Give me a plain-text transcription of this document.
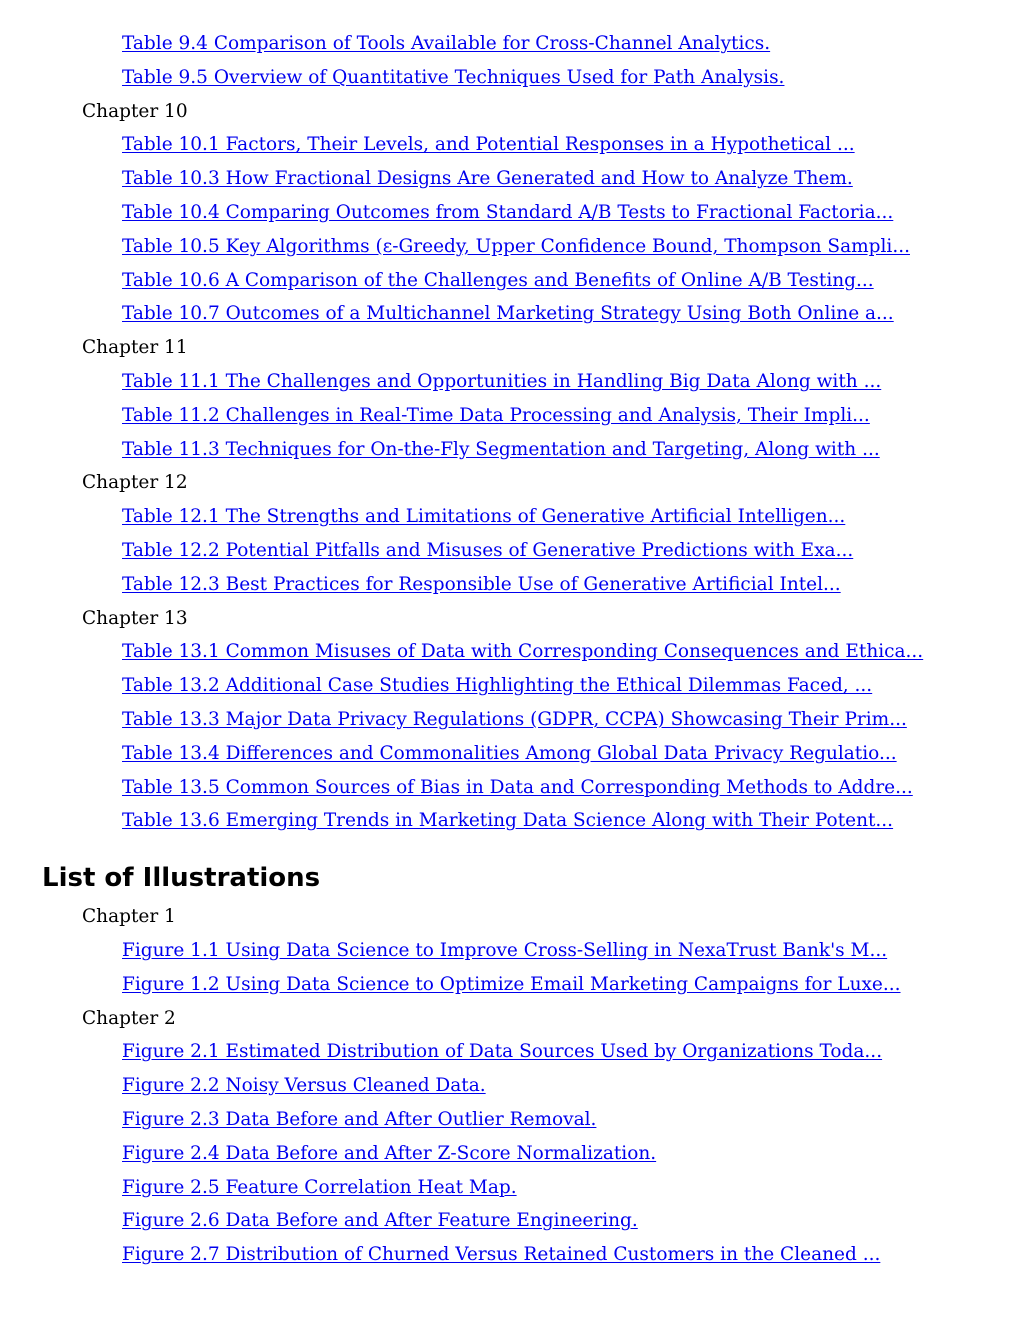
Table 9.4 Comparison of Tools Available for Cross-Channel Analytics.
Table 9.5 Overview of Quantitative Techniques Used for Path Analysis.
Chapter 10
Table 10.1 Factors, Their Levels, and Potential Responses in a Hypothetical ...
Table 10.3 How Fractional Designs Are Generated and How to Analyze Them.
Table 10.4 Comparing Outcomes from Standard A/B Tests to Fractional Factoria...
Table 10.5 Key Algorithms (ε-Greedy, Upper Confidence Bound, Thompson Sampli...
Table 10.6 A Comparison of the Challenges and Benefits of Online A/B Testing...
Table 10.7 Outcomes of a Multichannel Marketing Strategy Using Both Online a...
Chapter 11
Table 11.1 The Challenges and Opportunities in Handling Big Data Along with ...
Table 11.2 Challenges in Real-Time Data Processing and Analysis, Their Impli...
Table 11.3 Techniques for On-the-Fly Segmentation and Targeting, Along with ...
Chapter 12
Table 12.1 The Strengths and Limitations of Generative Artificial Intelligen...
Table 12.2 Potential Pitfalls and Misuses of Generative Predictions with Exa...
Table 12.3 Best Practices for Responsible Use of Generative Artificial Intel...
Chapter 13
Table 13.1 Common Misuses of Data with Corresponding Consequences and Ethica...
Table 13.2 Additional Case Studies Highlighting the Ethical Dilemmas Faced, ...
Table 13.3 Major Data Privacy Regulations (GDPR, CCPA) Showcasing Their Prim...
Table 13.4 Differences and Commonalities Among Global Data Privacy Regulatio...
Table 13.5 Common Sources of Bias in Data and Corresponding Methods to Addre...
Table 13.6 Emerging Trends in Marketing Data Science Along with Their Potent...
List of Illustrations
Chapter 1
Figure 1.1 Using Data Science to Improve Cross-Selling in NexaTrust Bank's M...
Figure 1.2 Using Data Science to Optimize Email Marketing Campaigns for Luxe...
Chapter 2
Figure 2.1 Estimated Distribution of Data Sources Used by Organizations Toda...
Figure 2.2 Noisy Versus Cleaned Data.
Figure 2.3 Data Before and After Outlier Removal.
Figure 2.4 Data Before and After Z-Score Normalization.
Figure 2.5 Feature Correlation Heat Map.
Figure 2.6 Data Before and After Feature Engineering.
Figure 2.7 Distribution of Churned Versus Retained Customers in the Cleaned ...
